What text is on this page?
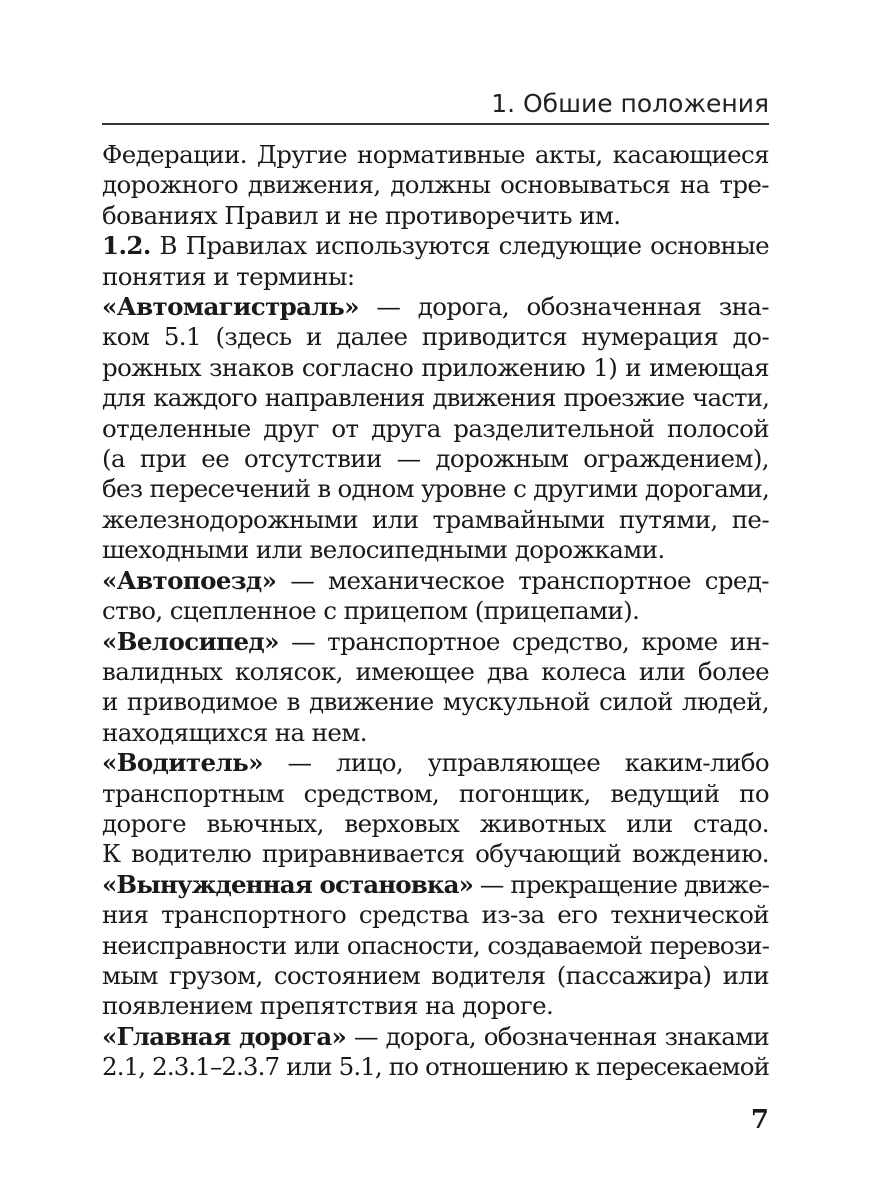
1. Обшие положения
Федерации. Другие нормативные акты, касающиеся
дорожного движения, должны основываться на тре-
бованиях Правил и не противоречить им.
1.2. В Правилах используются следующие основные
понятия и термины:
«Автомагистраль» — дорога, обозначенная зна-
ком 5.1 (здесь и далее приводится нумерация до-
рожных знаков согласно приложению 1) и имеющая
для каждого направления движения проезжие части,
отделенные друг от друга разделительной полосой
(а при ее отсутствии — дорожным ограждением),
без пересечений в одном уровне с другими дорогами,
железнодорожными или трамвайными путями, пе-
шеходными или велосипедными дорожками.
«Автопоезд» — механическое транспортное сред-
ство, сцепленное с прицепом (прицепами).
«Велосипед» — транспортное средство, кроме ин-
валидных колясок, имеющее два колеса или более
и приводимое в движение мускульной силой людей,
находящихся на нем.
«Водитель» — лицо, управляющее каким-либо
транспортным средством, погонщик, ведущий по
дороге вьючных, верховых животных или стадо.
К водителю приравнивается обучающий вождению.
«Вынужденная остановка» — прекращение движе-
ния транспортного средства из-за его технической
неисправности или опасности, создаваемой перевози-
мым грузом, состоянием водителя (пассажира) или
появлением препятствия на дороге.
«Главная дорога» — дорога, обозначенная знаками
2.1, 2.3.1–2.3.7 или 5.1, по отношению к пересекаемой
7
